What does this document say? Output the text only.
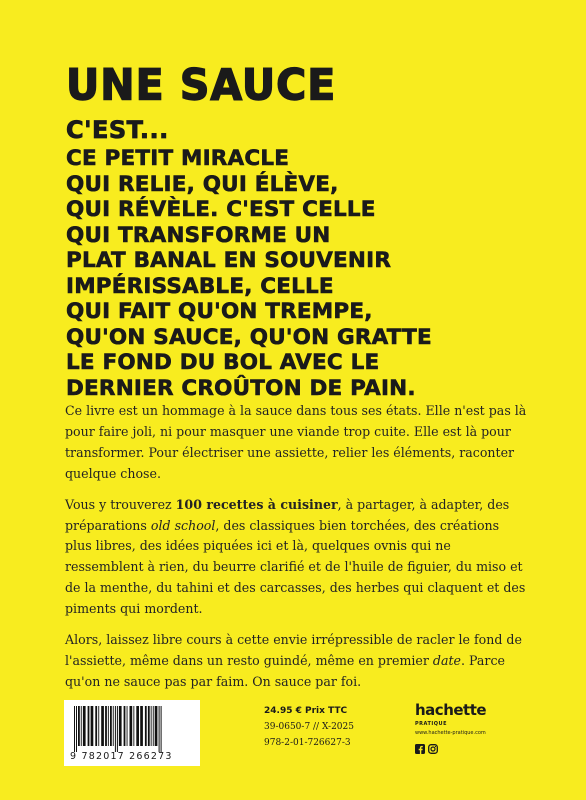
UNE SAUCE
C'EST...
CE PETIT MIRACLE
QUI RELIE, QUI ÉLÈVE,
QUI RÉVÈLE. C'EST CELLE
QUI TRANSFORME UN
PLAT BANAL EN SOUVENIR
IMPÉRISSABLE, CELLE
QUI FAIT QU'ON TREMPE,
QU'ON SAUCE, QU'ON GRATTE
LE FOND DU BOL AVEC LE
DERNIER CROÛTON DE PAIN.

Ce livre est un hommage à la sauce dans tous ses états. Elle n'est pas là pour faire joli, ni pour masquer une viande trop cuite. Elle est là pour transformer. Pour électriser une assiette, relier les éléments, raconter quelque chose.

Vous y trouverez 100 recettes à cuisiner, à partager, à adapter, des préparations old school, des classiques bien torchées, des créations plus libres, des idées piquées ici et là, quelques ovnis qui ne ressemblent à rien, du beurre clarifié et de l'huile de figuier, du miso et de la menthe, du tahini et des carcasses, des herbes qui claquent et des piments qui mordent.

Alors, laissez libre cours à cette envie irrépressible de racler le fond de l'assiette, même dans un resto guindé, même en premier date. Parce qu'on ne sauce pas par faim. On sauce par foi.

9 782017 266273
24.95 € Prix TTC
39-0650-7 // X-2025
978-2-01-726627-3
hachette
PRATIQUE
www.hachette-pratique.com
